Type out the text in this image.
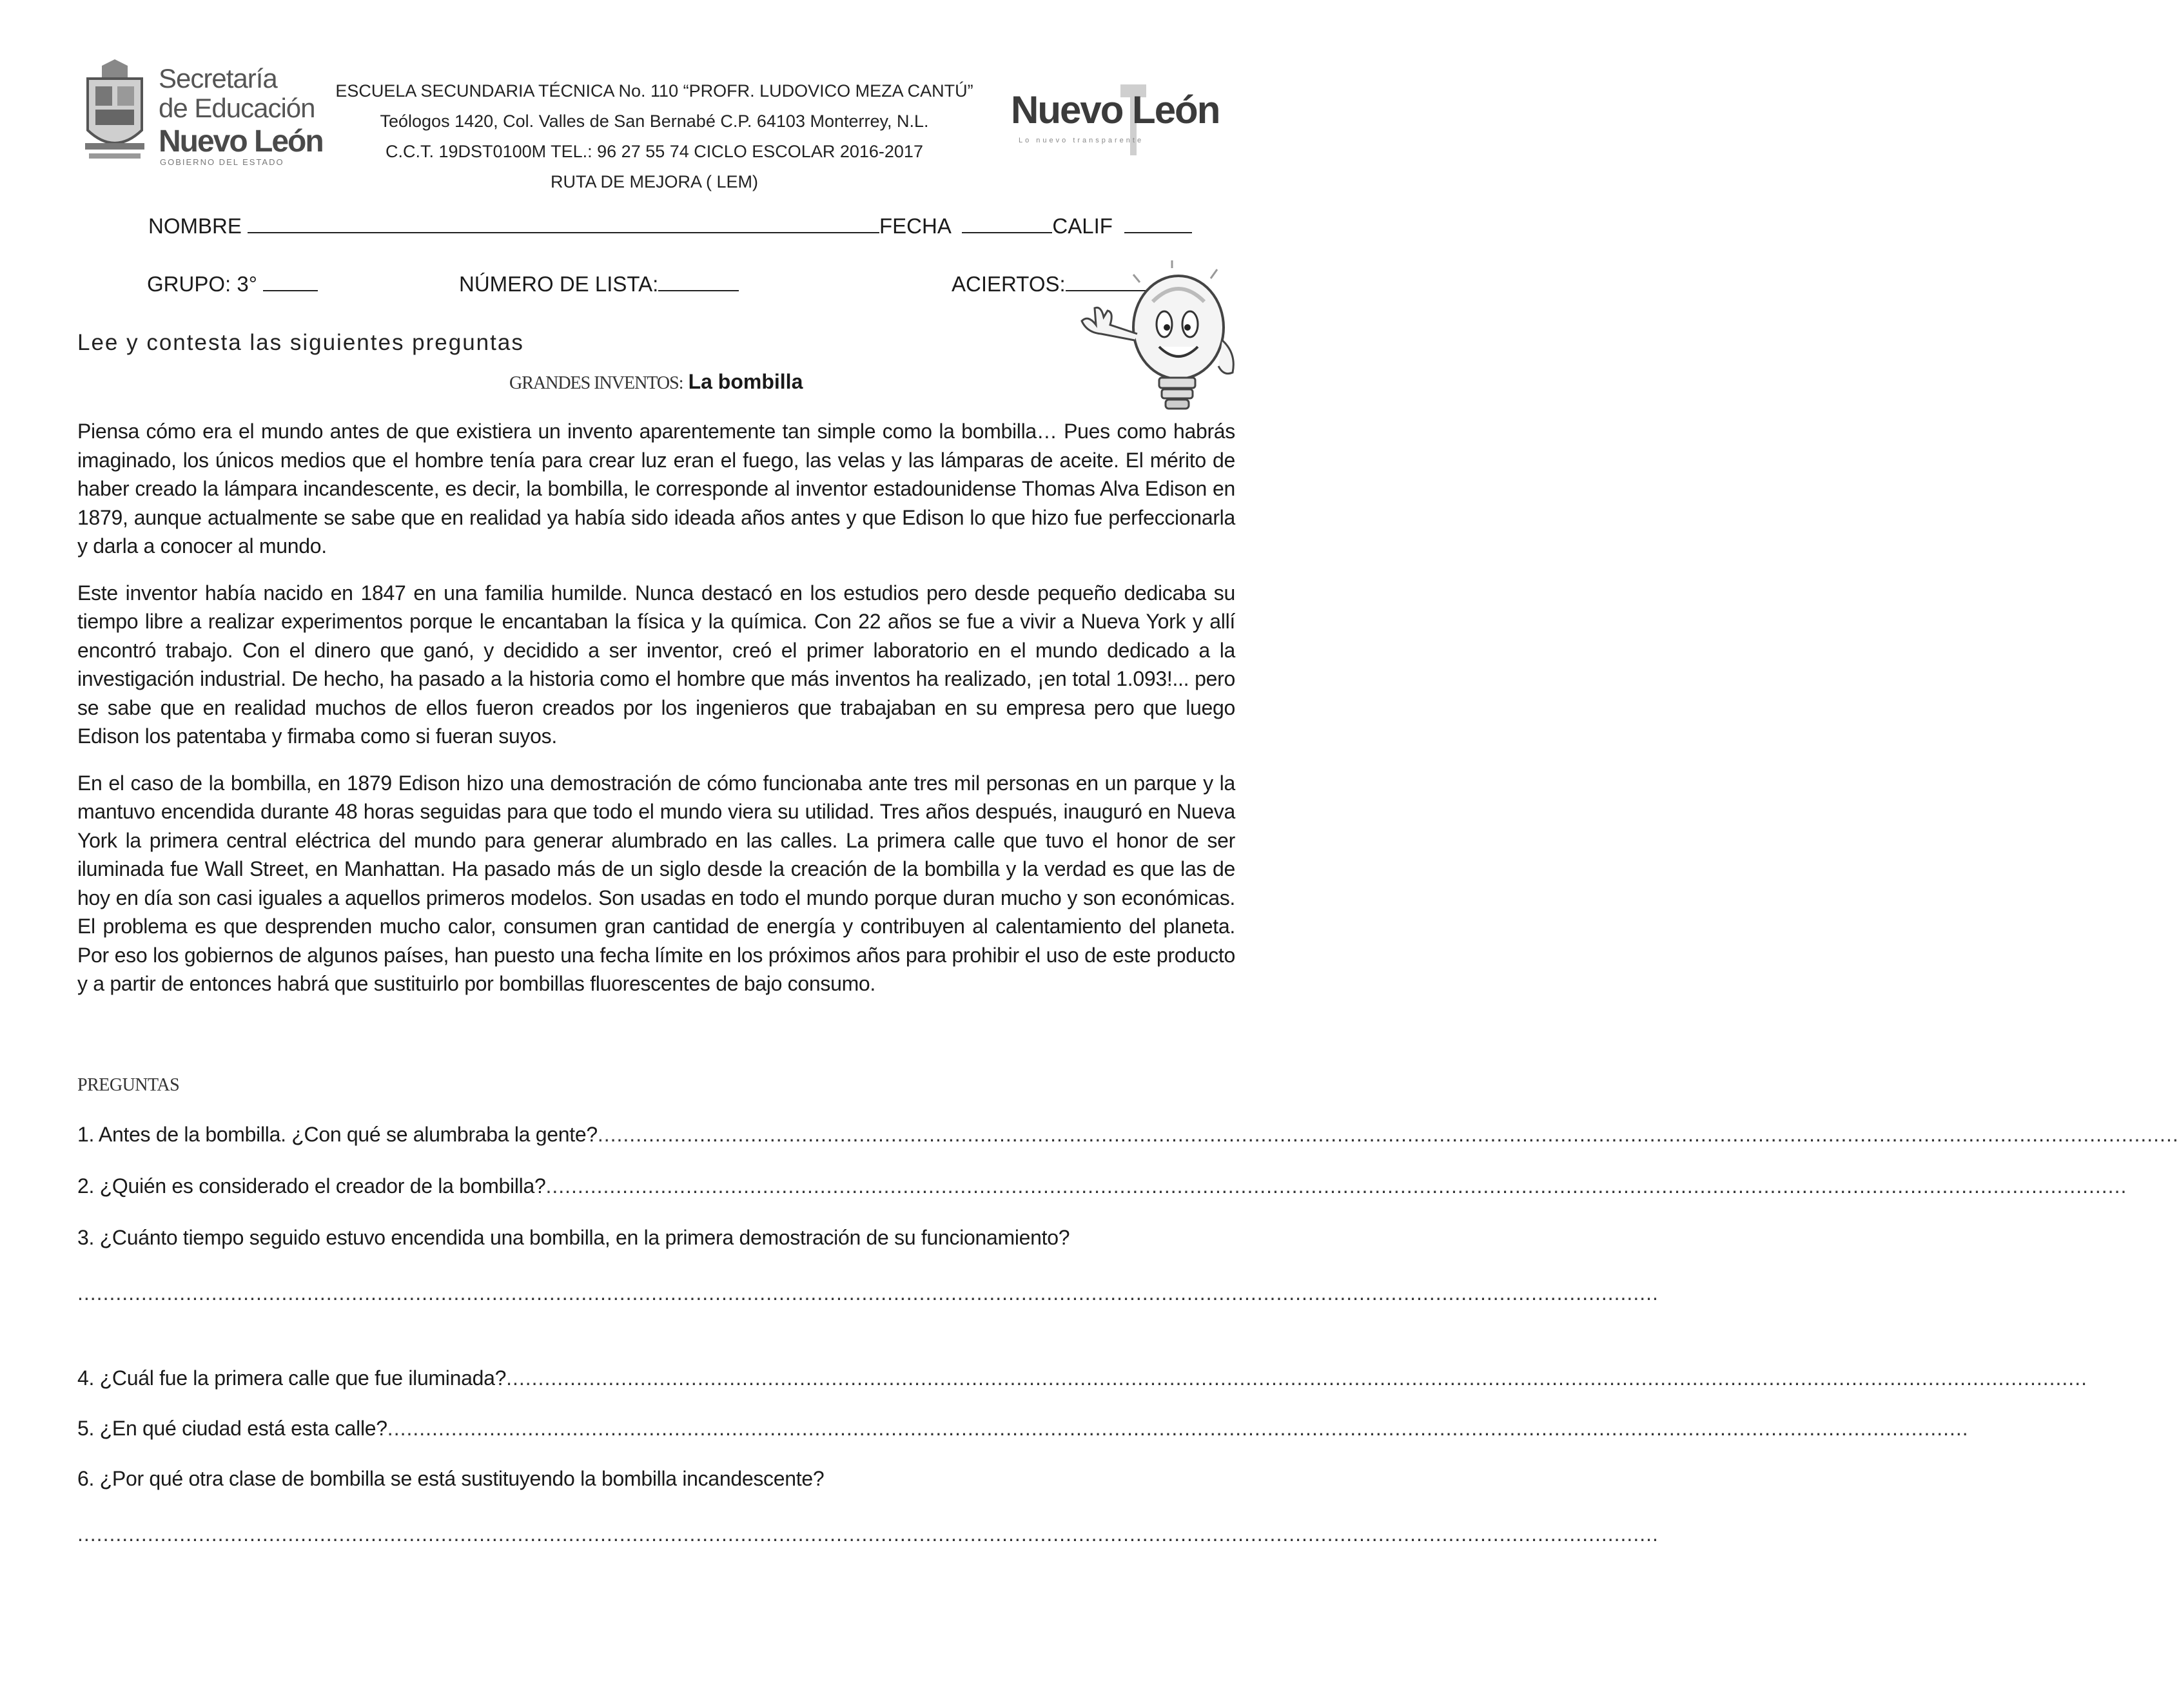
Secretaría
de Educación
Nuevo León
GOBIERNO DEL ESTADO
ESCUELA SECUNDARIA TÉCNICA No. 110 “PROFR. LUDOVICO MEZA CANTÚ”
Teólogos 1420, Col. Valles de San Bernabé C.P. 64103 Monterrey, N.L.
C.C.T. 19DST0100M TEL.: 96 27 55 74 CICLO ESCOLAR 2016-2017
RUTA DE MEJORA ( LEM)
Nuevo León
Lo nuevo transparente
NOMBRE	FECHA	CALIF
GRUPO: 3°	NÚMERO DE LISTA:	ACIERTOS:
Lee y contesta las siguientes preguntas
GRANDES INVENTOS: La bombilla

Piensa cómo era el mundo antes de que existiera un invento aparentemente tan simple como la bombilla… Pues como habrás imaginado, los únicos medios que el hombre tenía para crear luz eran el fuego, las velas y las lámparas de aceite. El mérito de haber creado la lámpara incandescente, es decir, la bombilla, le corresponde al inventor estadounidense Thomas Alva Edison en 1879, aunque actualmente se sabe que en realidad ya había sido ideada años antes y que Edison lo que hizo fue perfeccionarla y darla a conocer al mundo.

Este inventor había nacido en 1847 en una familia humilde. Nunca destacó en los estudios pero desde pequeño dedicaba su tiempo libre a realizar experimentos porque le encantaban la física y la química. Con 22 años se fue a vivir a Nueva York y allí encontró trabajo. Con el dinero que ganó, y decidido a ser inventor, creó el primer laboratorio en el mundo dedicado a la investigación industrial. De hecho, ha pasado a la historia como el hombre que más inventos ha realizado, ¡en total 1.093!... pero se sabe que en realidad muchos de ellos fueron creados por los ingenieros que trabajaban en su empresa pero que luego Edison los patentaba y firmaba como si fueran suyos.

En el caso de la bombilla, en 1879 Edison hizo una demostración de cómo funcionaba ante tres mil personas en un parque y la mantuvo encendida durante 48 horas seguidas para que todo el mundo viera su utilidad. Tres años después, inauguró en Nueva York la primera central eléctrica del mundo para generar alumbrado en las calles. La primera calle que tuvo el honor de ser iluminada fue Wall Street, en Manhattan. Ha pasado más de un siglo desde la creación de la bombilla y la verdad es que las de hoy en día son casi iguales a aquellos primeros modelos. Son usadas en todo el mundo porque duran mucho y son económicas. El problema es que desprenden mucho calor, consumen gran cantidad de energía y contribuyen al calentamiento del planeta. Por eso los gobiernos de algunos países, han puesto una fecha límite en los próximos años para prohibir el uso de este producto y a partir de entonces habrá que sustituirlo por bombillas fluorescentes de bajo consumo.

PREGUNTAS
1. Antes de la bombilla. ¿Con qué se alumbraba la gente?........................................................................................................................................................................................................................................................
2. ¿Quién es considerado el creador de la bombilla?........................................................................................................................................................................................................................................................
3. ¿Cuánto tiempo seguido estuvo encendida una bombilla, en la primera demostración de su funcionamiento?
........................................................................................................................................................................................................................................................
4. ¿Cuál fue la primera calle que fue iluminada?........................................................................................................................................................................................................................................................
5. ¿En qué ciudad está esta calle?........................................................................................................................................................................................................................................................
6. ¿Por qué otra clase de bombilla se está sustituyendo la bombilla incandescente?
........................................................................................................................................................................................................................................................
